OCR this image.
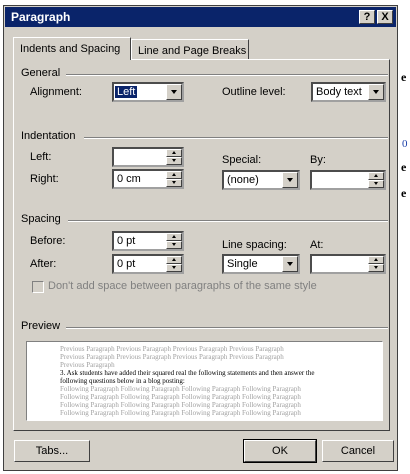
e
e
e
0
Paragraph	? X
Indents and Spacing	Line and Page Breaks
General
Alignment:	Left	Outline level:	Body text
Indentation
Left:
Right:	0 cm
Special:
(none)
By:
Spacing
Before:	0 pt
After:	0 pt
Line spacing:
Single
At:
Don't add space between paragraphs of the same style
Preview
Previous Paragraph Previous Paragraph Previous Paragraph Previous Paragraph
Previous Paragraph Previous Paragraph Previous Paragraph Previous Paragraph
Previous Paragraph
3. Ask students have added their squared real the following statements and then answer the
following questions below in a blog posting:
Following Paragraph Following Paragraph Following Paragraph Following Paragraph
Following Paragraph Following Paragraph Following Paragraph Following Paragraph
Following Paragraph Following Paragraph Following Paragraph Following Paragraph
Following Paragraph Following Paragraph Following Paragraph Following Paragraph
Tabs...	OK	Cancel
